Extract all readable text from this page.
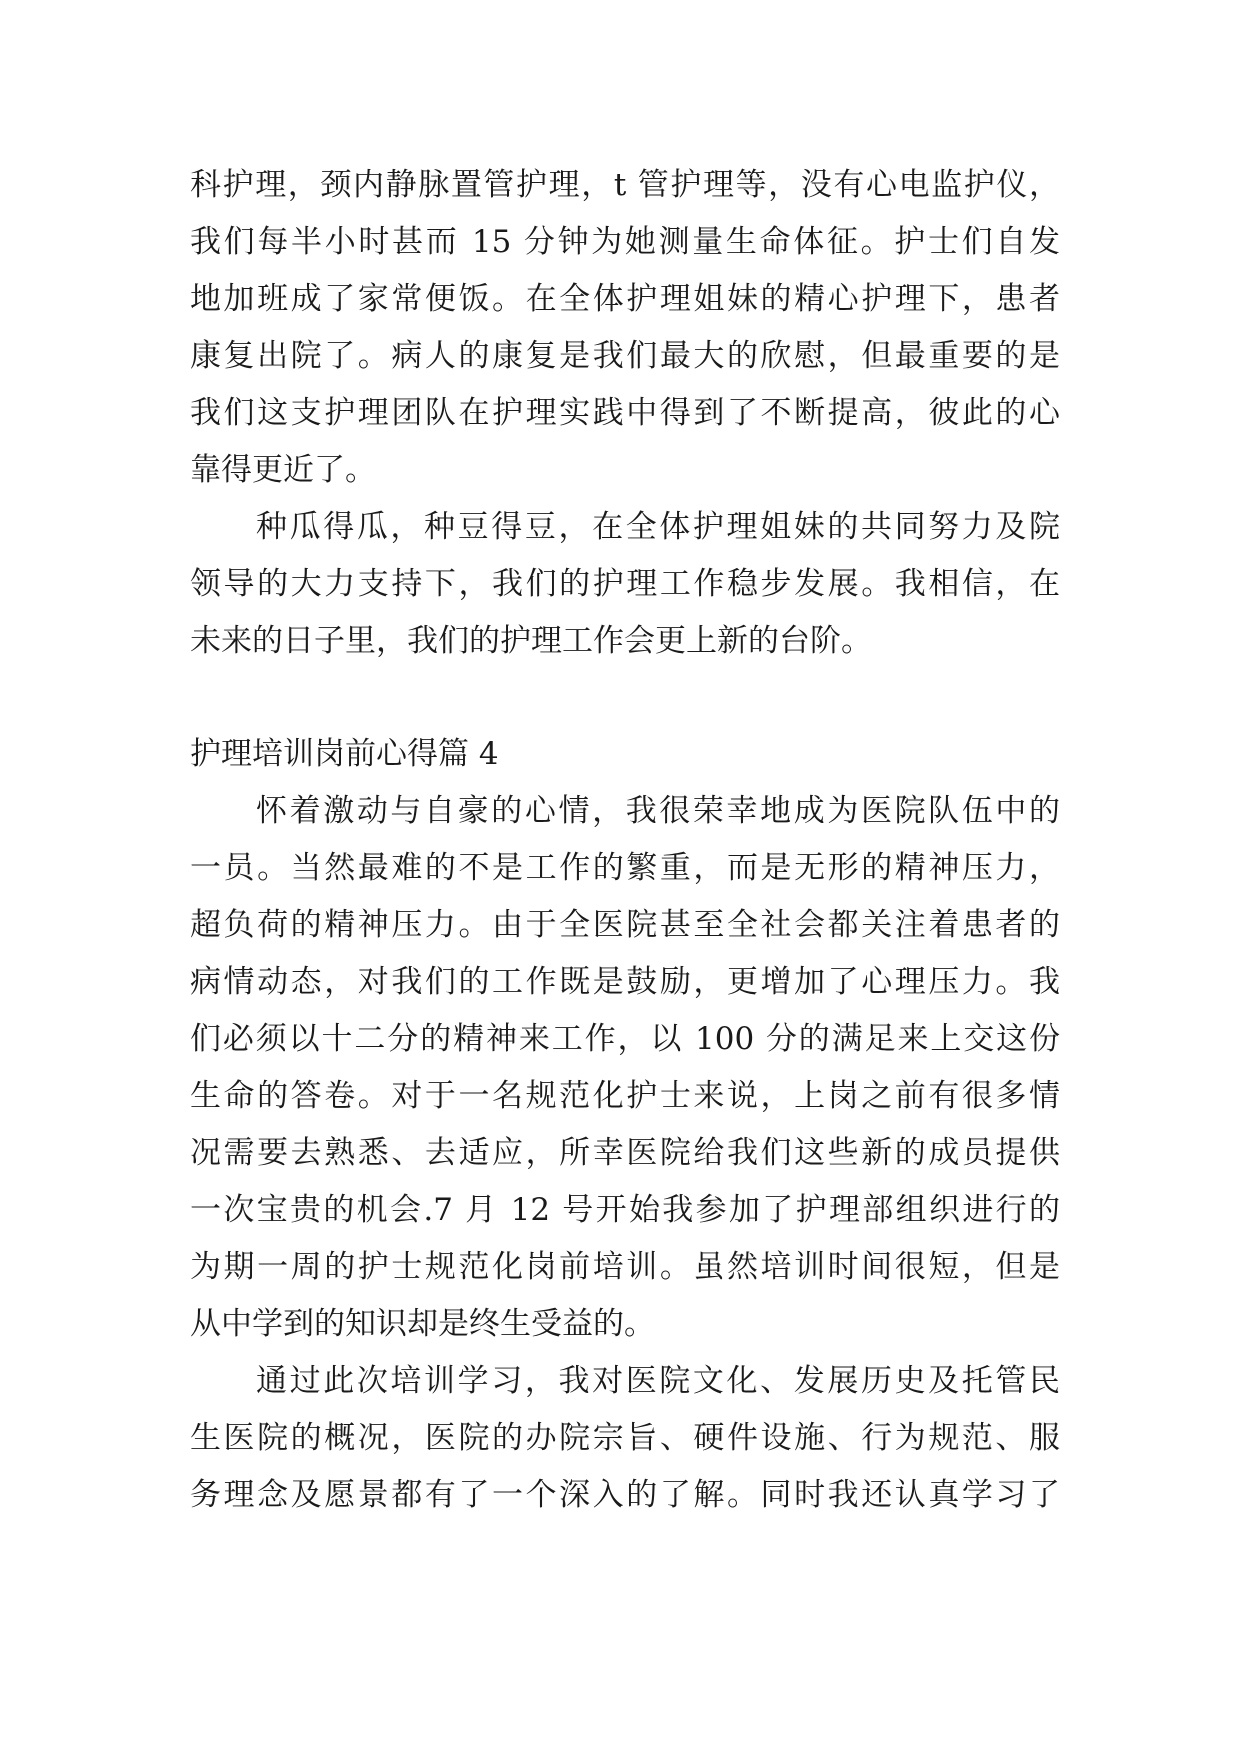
科护理，颈内静脉置管护理，t 管护理等，没有心电监护仪，
我们每半小时甚而 15 分钟为她测量生命体征。护士们自发
地加班成了家常便饭。在全体护理姐妹的精心护理下，患者
康复出院了。病人的康复是我们最大的欣慰，但最重要的是
我们这支护理团队在护理实践中得到了不断提高，彼此的心
靠得更近了。
种瓜得瓜，种豆得豆，在全体护理姐妹的共同努力及院
领导的大力支持下，我们的护理工作稳步发展。我相信，在
未来的日子里，我们的护理工作会更上新的台阶。
护理培训岗前心得篇 4
怀着激动与自豪的心情，我很荣幸地成为医院队伍中的
一员。当然最难的不是工作的繁重，而是无形的精神压力，
超负荷的精神压力。由于全医院甚至全社会都关注着患者的
病情动态，对我们的工作既是鼓励，更增加了心理压力。我
们必须以十二分的精神来工作，以 100 分的满足来上交这份
生命的答卷。对于一名规范化护士来说，上岗之前有很多情
况需要去熟悉、去适应，所幸医院给我们这些新的成员提供
一次宝贵的机会.7 月 12 号开始我参加了护理部组织进行的
为期一周的护士规范化岗前培训。虽然培训时间很短，但是
从中学到的知识却是终生受益的。
通过此次培训学习，我对医院文化、发展历史及托管民
生医院的概况，医院的办院宗旨、硬件设施、行为规范、服
务理念及愿景都有了一个深入的了解。同时我还认真学习了
